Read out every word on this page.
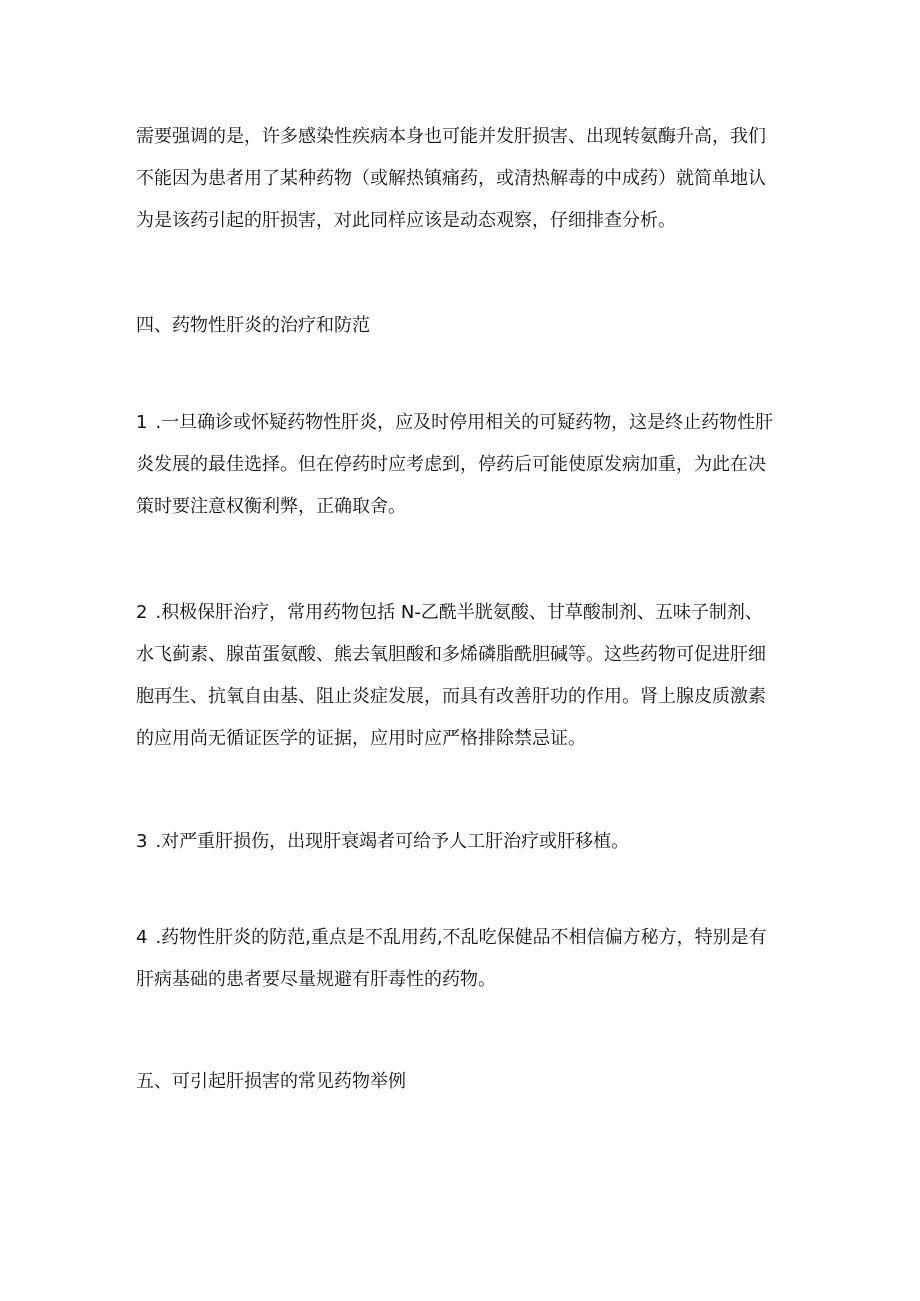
需要强调的是，许多感染性疾病本身也可能并发肝损害、出现转氨酶升高，我们
不能因为患者用了某种药物（或解热镇痛药，或清热解毒的中成药）就简单地认
为是该药引起的肝损害，对此同样应该是动态观察，仔细排查分析。

四、药物性肝炎的治疗和防范

1 .一旦确诊或怀疑药物性肝炎，应及时停用相关的可疑药物，这是终止药物性肝
炎发展的最佳选择。但在停药时应考虑到，停药后可能使原发病加重，为此在决
策时要注意权衡利弊，正确取舍。

2 .积极保肝治疗，常用药物包括 N-乙酰半胱氨酸、甘草酸制剂、五味子制剂、
水飞蓟素、腺苗蛋氨酸、熊去氧胆酸和多烯磷脂酰胆碱等。这些药物可促进肝细
胞再生、抗氧自由基、阻止炎症发展，而具有改善肝功的作用。肾上腺皮质激素
的应用尚无循证医学的证据，应用时应严格排除禁忌证。

3 .对严重肝损伤，出现肝衰竭者可给予人工肝治疗或肝移植。

4 .药物性肝炎的防范,重点是不乱用药,不乱吃保健品不相信偏方秘方，特别是有
肝病基础的患者要尽量规避有肝毒性的药物。

五、可引起肝损害的常见药物举例
